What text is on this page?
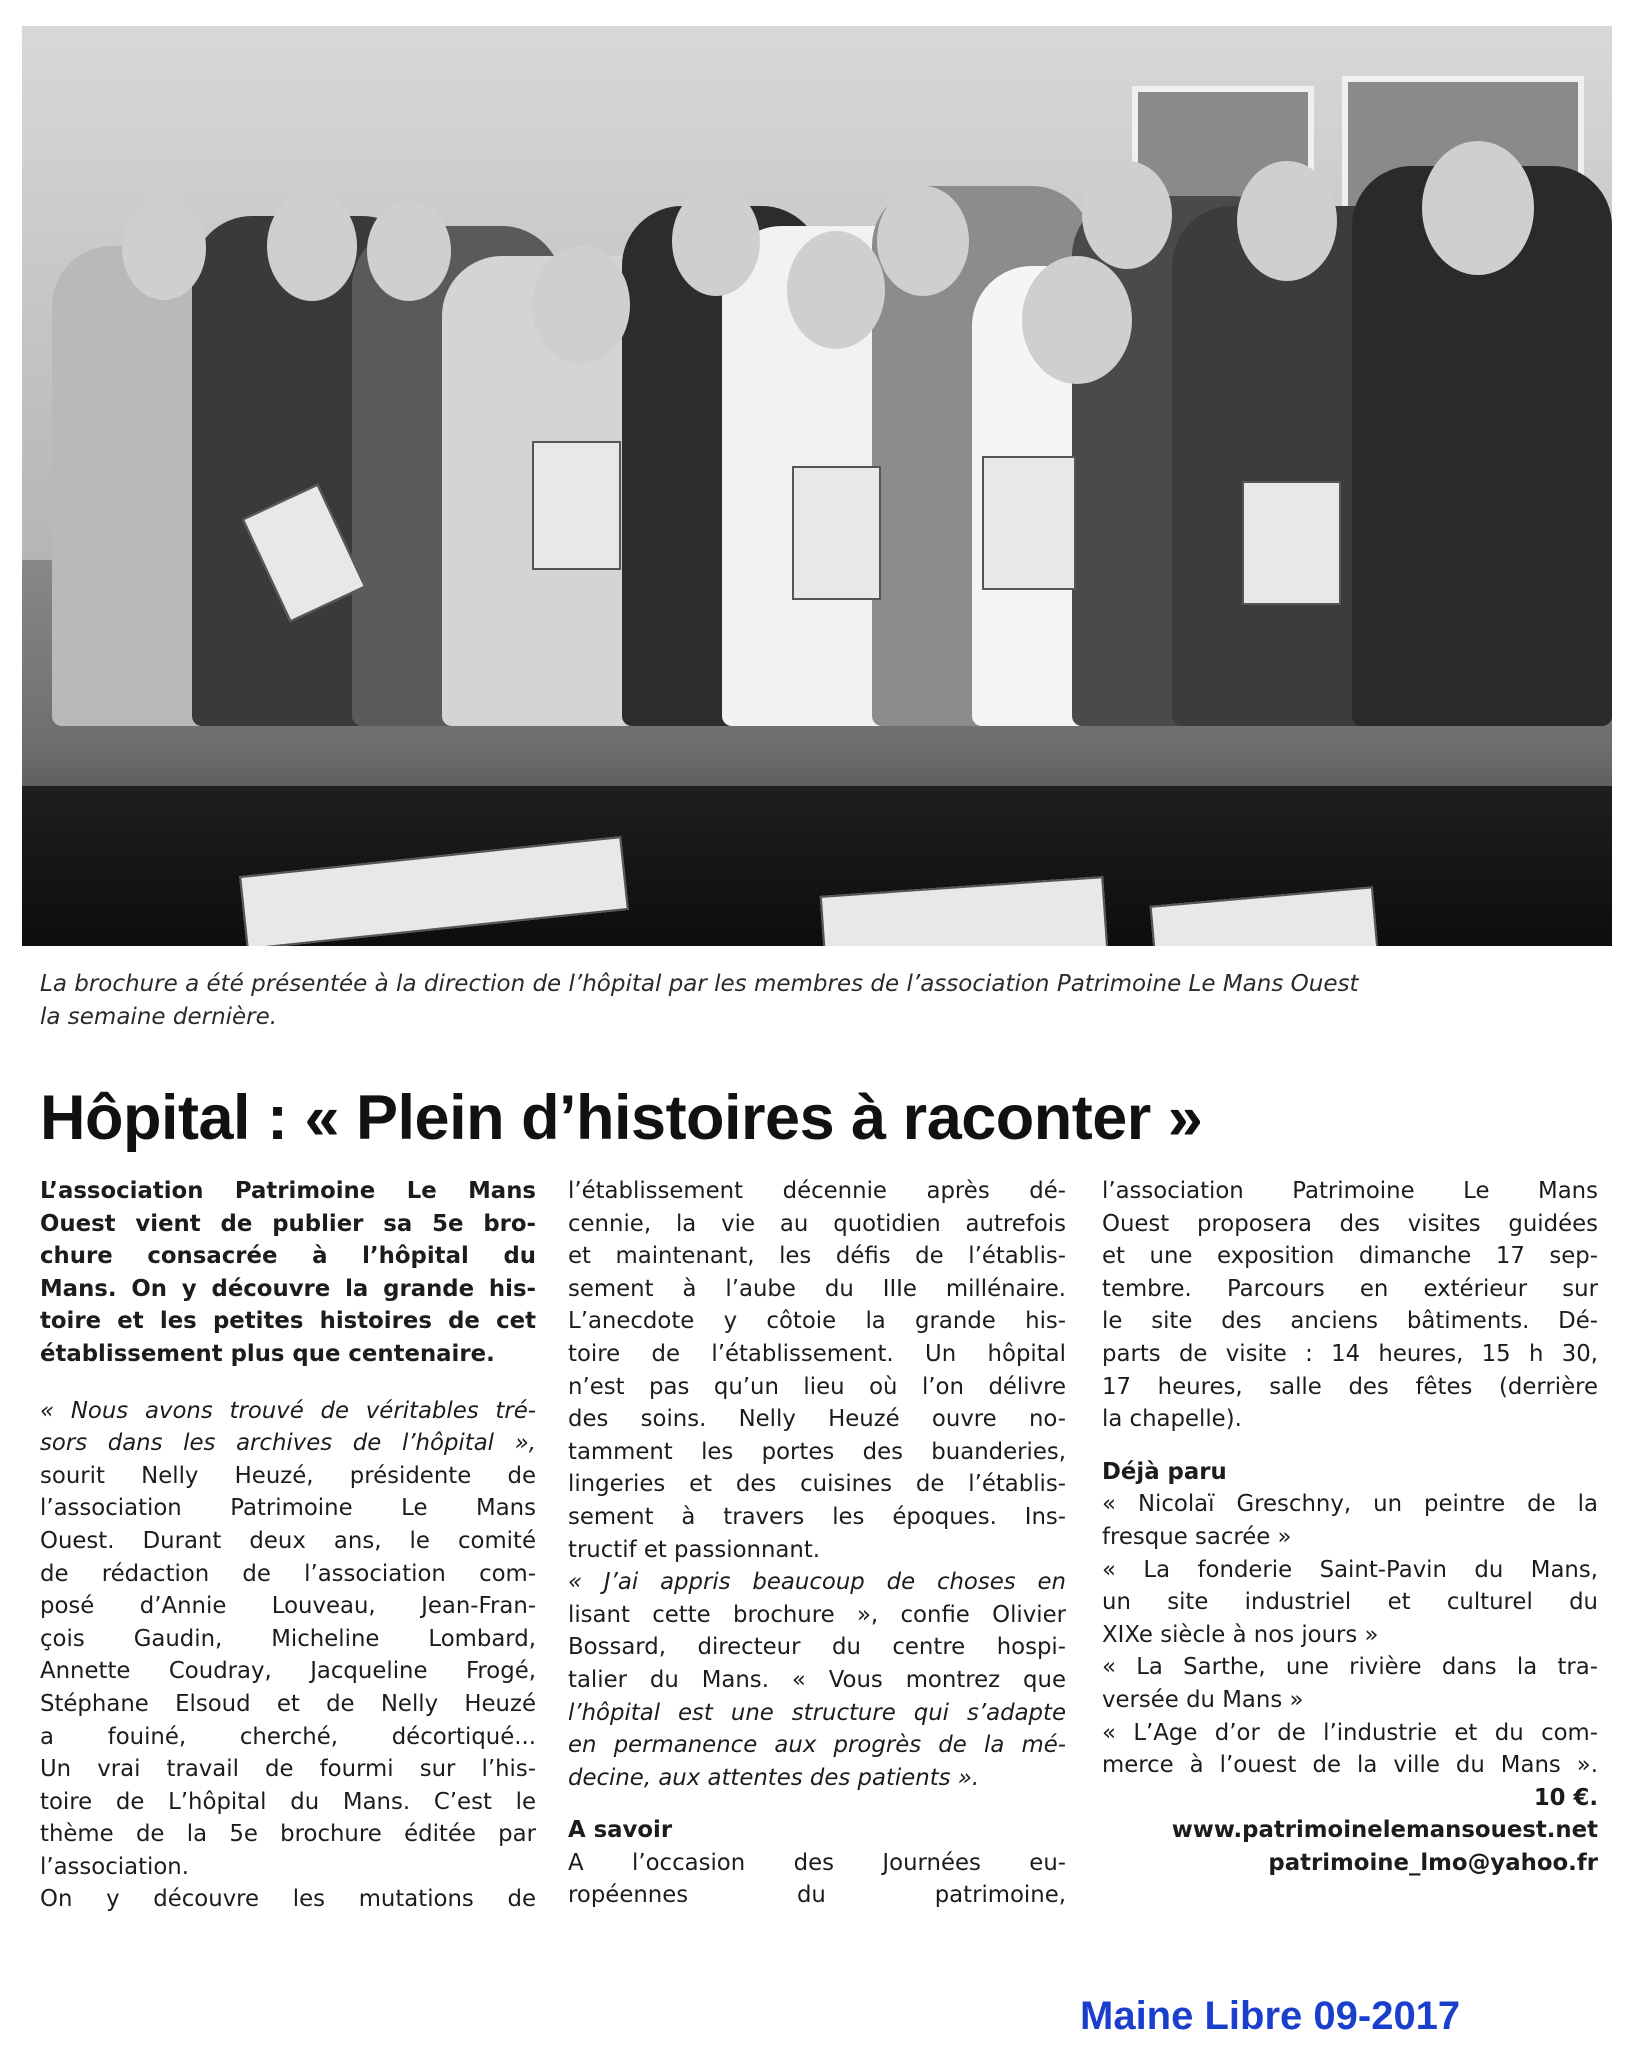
La brochure a été présentée à la direction de l’hôpital par les membres de l’association Patrimoine Le Mans Ouest
la semaine dernière.
Hôpital : « Plein d’histoires à raconter »
L’association Patrimoine Le Mans
Ouest vient de publier sa 5e bro-
chure consacrée à l’hôpital du
Mans. On y découvre la grande his-
toire et les petites histoires de cet
établissement plus que centenaire.
« Nous avons trouvé de véritables tré-
sors dans les archives de l’hôpital »,
sourit Nelly Heuzé, présidente de
l’association Patrimoine Le Mans
Ouest. Durant deux ans, le comité
de rédaction de l’association com-
posé d’Annie Louveau, Jean-Fran-
çois Gaudin, Micheline Lombard,
Annette Coudray, Jacqueline Frogé,
Stéphane Elsoud et de Nelly Heuzé
a fouiné, cherché, décortiqué...
Un vrai travail de fourmi sur l’his-
toire de L’hôpital du Mans. C’est le
thème de la 5e brochure éditée par
l’association.
On y découvre les mutations de
l’établissement décennie après dé-
cennie, la vie au quotidien autrefois
et maintenant, les défis de l’établis-
sement à l’aube du IIIe millénaire.
L’anecdote y côtoie la grande his-
toire de l’établissement. Un hôpital
n’est pas qu’un lieu où l’on délivre
des soins. Nelly Heuzé ouvre no-
tamment les portes des buanderies,
lingeries et des cuisines de l’établis-
sement à travers les époques. Ins-
tructif et passionnant.
« J’ai appris beaucoup de choses en
lisant cette brochure », confie Olivier
Bossard, directeur du centre hospi-
talier du Mans. « Vous montrez que
l’hôpital est une structure qui s’adapte
en permanence aux progrès de la mé-
decine, aux attentes des patients ».
A savoir
A l’occasion des Journées eu-
ropéennes du patrimoine,
l’association Patrimoine Le Mans
Ouest proposera des visites guidées
et une exposition dimanche 17 sep-
tembre. Parcours en extérieur sur
le site des anciens bâtiments. Dé-
parts de visite : 14 heures, 15 h 30,
17 heures, salle des fêtes (derrière
la chapelle).
Déjà paru
« Nicolaï Greschny, un peintre de la
fresque sacrée »
« La fonderie Saint-Pavin du Mans,
un site industriel et culturel du
XIXe siècle à nos jours »
« La Sarthe, une rivière dans la tra-
versée du Mans »
« L’Age d’or de l’industrie et du com-
merce à l’ouest de la ville du Mans ».
10 €.
www.patrimoinelemansouest.net
patrimoine_lmo@yahoo.fr
Maine Libre 09-2017
